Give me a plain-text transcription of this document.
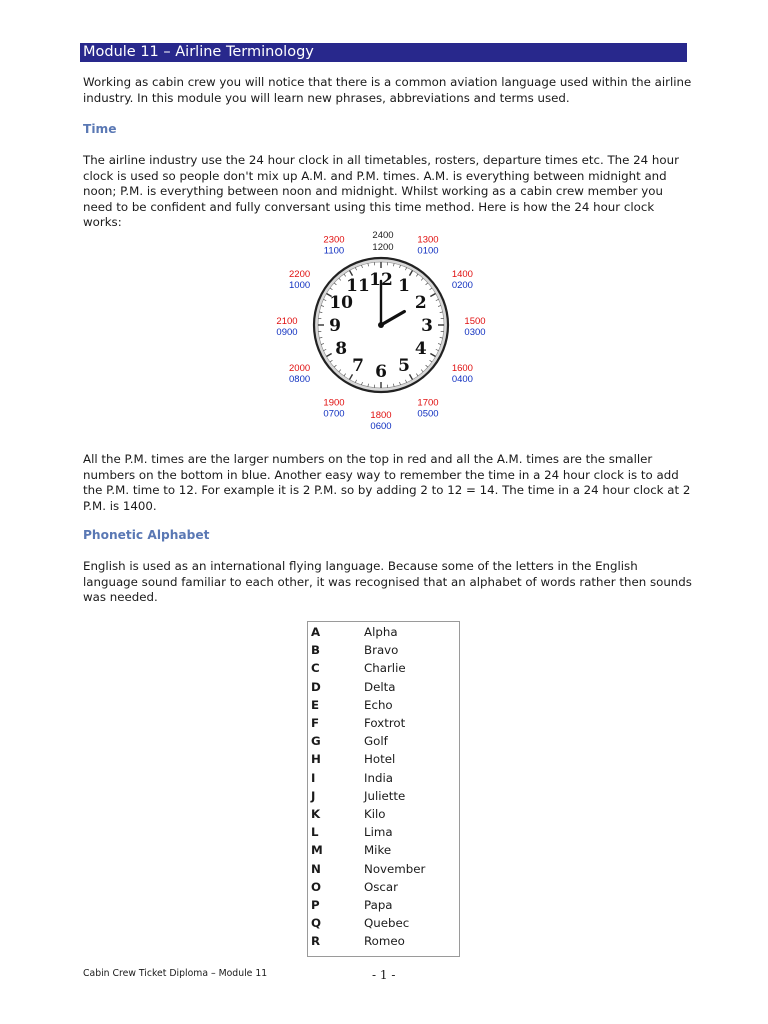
Module 11 – Airline Terminology

Working as cabin crew you will notice that there is a common aviation language used within the airline industry. In this module you will learn new phrases, abbreviations and terms used.

Time

The airline industry use the 24 hour clock in all timetables, rosters, departure times etc. The 24 hour clock is used so people don't mix up A.M. and P.M. times. A.M. is everything between midnight and noon; P.M. is everything between noon and midnight. Whilst working as a cabin crew member you need to be confident and fully conversant using this time method. Here is how the 24 hour clock works:

12 1
2
3
4
5
6
7
8
9
10
11
2400
1200
1300
0100
1400
0200
1500
0300
1600
0400
1700
0500
1800
0600
1900
0700
2000
0800
2100
0900
2200
1000
2300
1100

All the P.M. times are the larger numbers on the top in red and all the A.M. times are the smaller numbers on the bottom in blue. Another easy way to remember the time in a 24 hour clock is to add the P.M. time to 12. For example it is 2 P.M. so by adding 2 to 12 = 14. The time in a 24 hour clock at 2 P.M. is 1400.

Phonetic Alphabet

English is used as an international flying language. Because some of the letters in the English language sound familiar to each other, it was recognised that an alphabet of words rather then sounds was needed.

A	Alpha
B	Bravo
C	Charlie
D	Delta
E	Echo
F	Foxtrot
G	Golf
H	Hotel
I	India
J	Juliette
K	Kilo
L	Lima
M	Mike
N	November
O	Oscar
P	Papa
Q	Quebec
R	Romeo
Cabin Crew Ticket Diploma – Module 11	- 1 -
